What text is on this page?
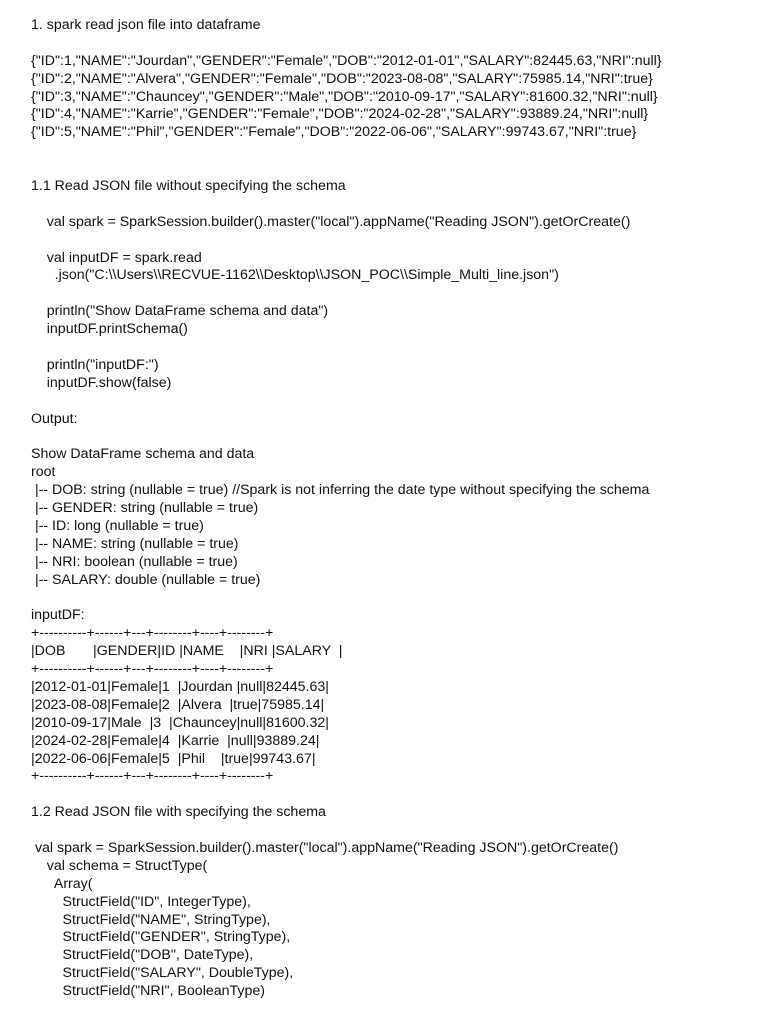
1. spark read json file into dataframe
{"ID":1,"NAME":"Jourdan","GENDER":"Female","DOB":"2012-01-01","SALARY":82445.63,"NRI":null}
{"ID":2,"NAME":"Alvera","GENDER":"Female","DOB":"2023-08-08","SALARY":75985.14,"NRI":true}
{"ID":3,"NAME":"Chauncey","GENDER":"Male","DOB":"2010-09-17","SALARY":81600.32,"NRI":null}
{"ID":4,"NAME":"Karrie","GENDER":"Female","DOB":"2024-02-28","SALARY":93889.24,"NRI":null}
{"ID":5,"NAME":"Phil","GENDER":"Female","DOB":"2022-06-06","SALARY":99743.67,"NRI":true}
1.1 Read JSON file without specifying the schema
val spark = SparkSession.builder().master("local").appName("Reading JSON").getOrCreate()
val inputDF = spark.read
.json("C:\\Users\\RECVUE-1162\\Desktop\\JSON_POC\\Simple_Multi_line.json")
println("Show DataFrame schema and data")
inputDF.printSchema()
println("inputDF:")
inputDF.show(false)
Output:
Show DataFrame schema and data
root
|-- DOB: string (nullable = true) //Spark is not inferring the date type without specifying the schema
|-- GENDER: string (nullable = true)
|-- ID: long (nullable = true)
|-- NAME: string (nullable = true)
|-- NRI: boolean (nullable = true)
|-- SALARY: double (nullable = true)
inputDF:
+----------+------+---+--------+----+--------+
|DOB       |GENDER|ID |NAME    |NRI |SALARY  |
+----------+------+---+--------+----+--------+
|2012-01-01|Female|1  |Jourdan |null|82445.63|
|2023-08-08|Female|2  |Alvera  |true|75985.14|
|2010-09-17|Male  |3  |Chauncey|null|81600.32|
|2024-02-28|Female|4  |Karrie  |null|93889.24|
|2022-06-06|Female|5  |Phil    |true|99743.67|
+----------+------+---+--------+----+--------+
1.2 Read JSON file with specifying the schema
val spark = SparkSession.builder().master("local").appName("Reading JSON").getOrCreate()
val schema = StructType(
Array(
StructField("ID", IntegerType),
StructField("NAME", StringType),
StructField("GENDER", StringType),
StructField("DOB", DateType),
StructField("SALARY", DoubleType),
StructField("NRI", BooleanType)
